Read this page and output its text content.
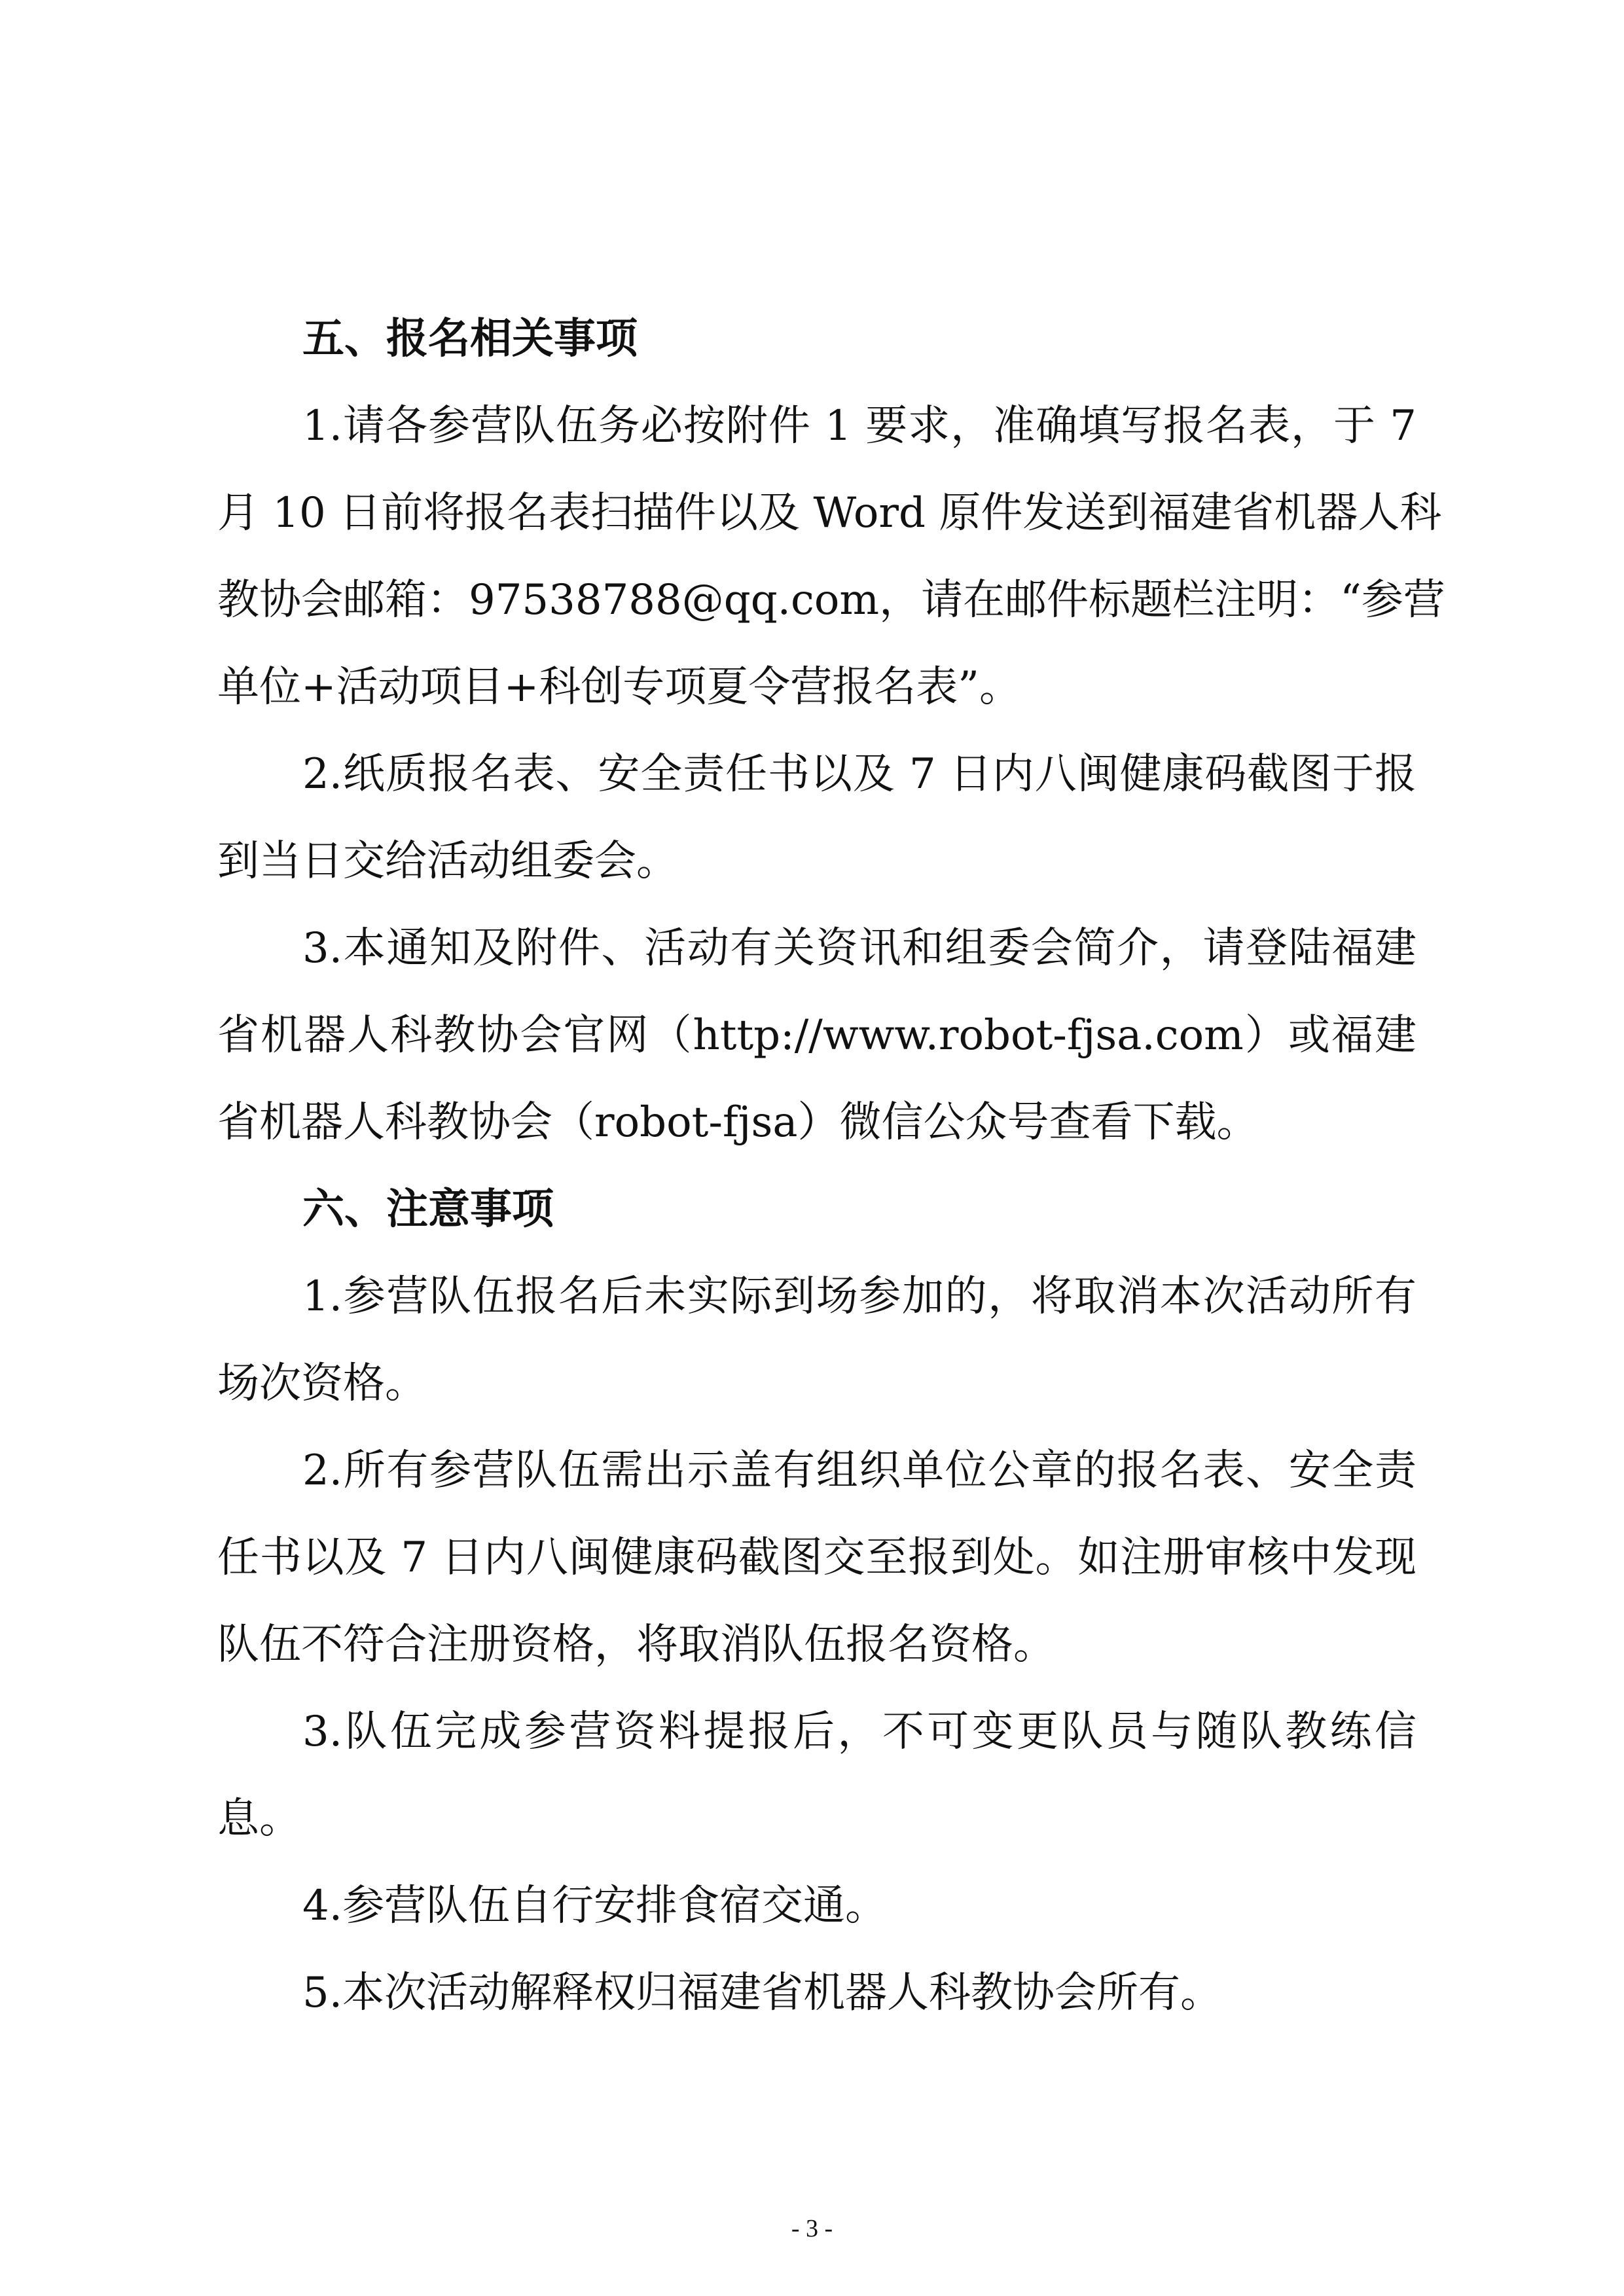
五、报名相关事项

1.请各参营队伍务必按附件 1 要求，准确填写报名表，于 7
月 10 日前将报名表扫描件以及 Word 原件发送到福建省机器人科
教协会邮箱：97538788@qq.com，请在邮件标题栏注明：“参营
单位+活动项目+科创专项夏令营报名表”。

2.纸质报名表、安全责任书以及 7 日内八闽健康码截图于报
到当日交给活动组委会。

3.本通知及附件、活动有关资讯和组委会简介，请登陆福建
省机器人科教协会官网（http://www.robot-fjsa.com）或福建
省机器人科教协会（robot-fjsa）微信公众号查看下载。

六、注意事项

1.参营队伍报名后未实际到场参加的，将取消本次活动所有
场次资格。

2.所有参营队伍需出示盖有组织单位公章的报名表、安全责
任书以及 7 日内八闽健康码截图交至报到处。如注册审核中发现
队伍不符合注册资格，将取消队伍报名资格。

3.队伍完成参营资料提报后，不可变更队员与随队教练信
息。

4.参营队伍自行安排食宿交通。

5.本次活动解释权归福建省机器人科教协会所有。

- 3 -
